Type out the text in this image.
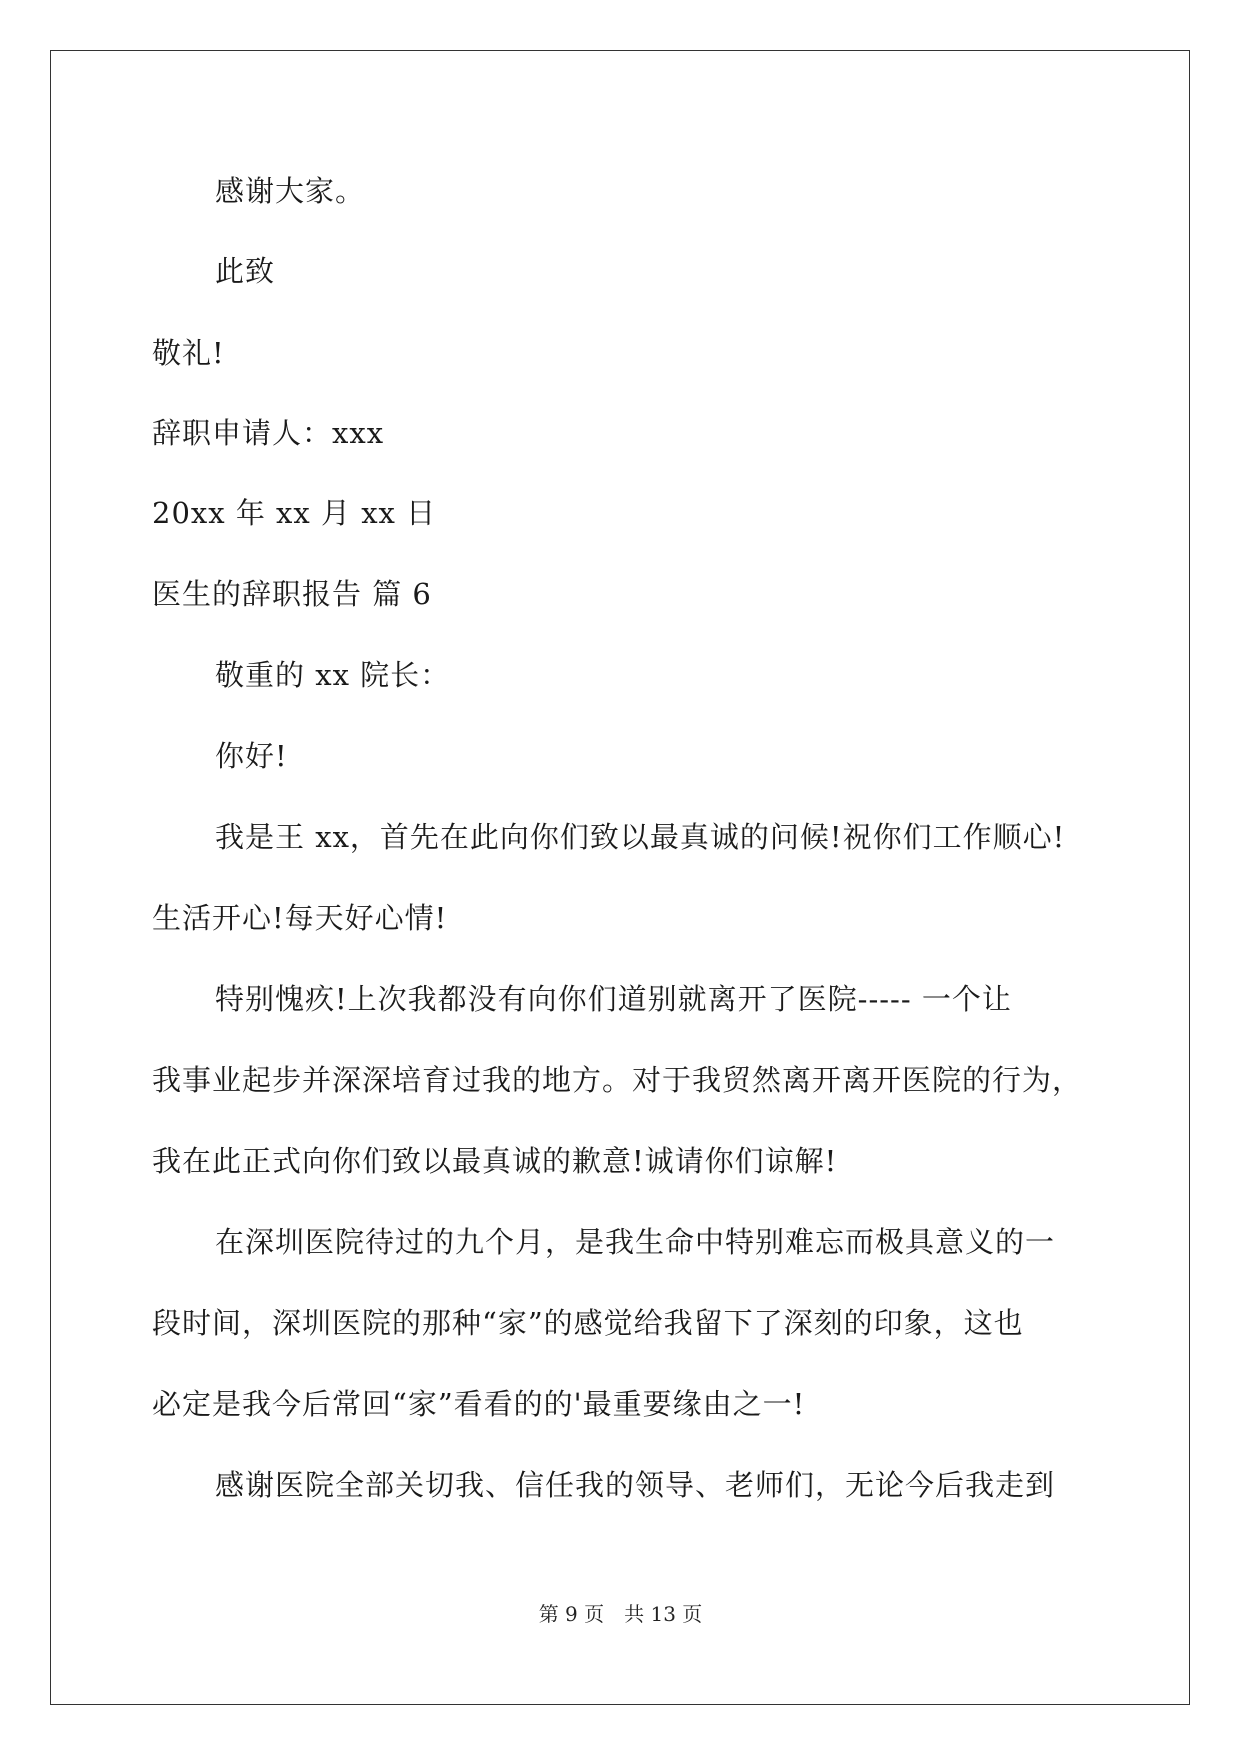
感谢大家。

此致

敬礼!

辞职申请人：xxx

20xx 年 xx 月 xx 日

医生的辞职报告 篇 6

敬重的 xx 院长：

你好!

我是王 xx，首先在此向你们致以最真诚的问候!祝你们工作顺心!

生活开心!每天好心情!

特别愧疚!上次我都没有向你们道别就离开了医院----- 一个让

我事业起步并深深培育过我的地方。对于我贸然离开离开医院的行为，

我在此正式向你们致以最真诚的歉意!诚请你们谅解!

在深圳医院待过的九个月，是我生命中特别难忘而极具意义的一

段时间，深圳医院的那种“家”的感觉给我留下了深刻的印象，这也

必定是我今后常回“家”看看的的'最重要缘由之一!

感谢医院全部关切我、信任我的领导、老师们，无论今后我走到

第 9 页　共 13 页
